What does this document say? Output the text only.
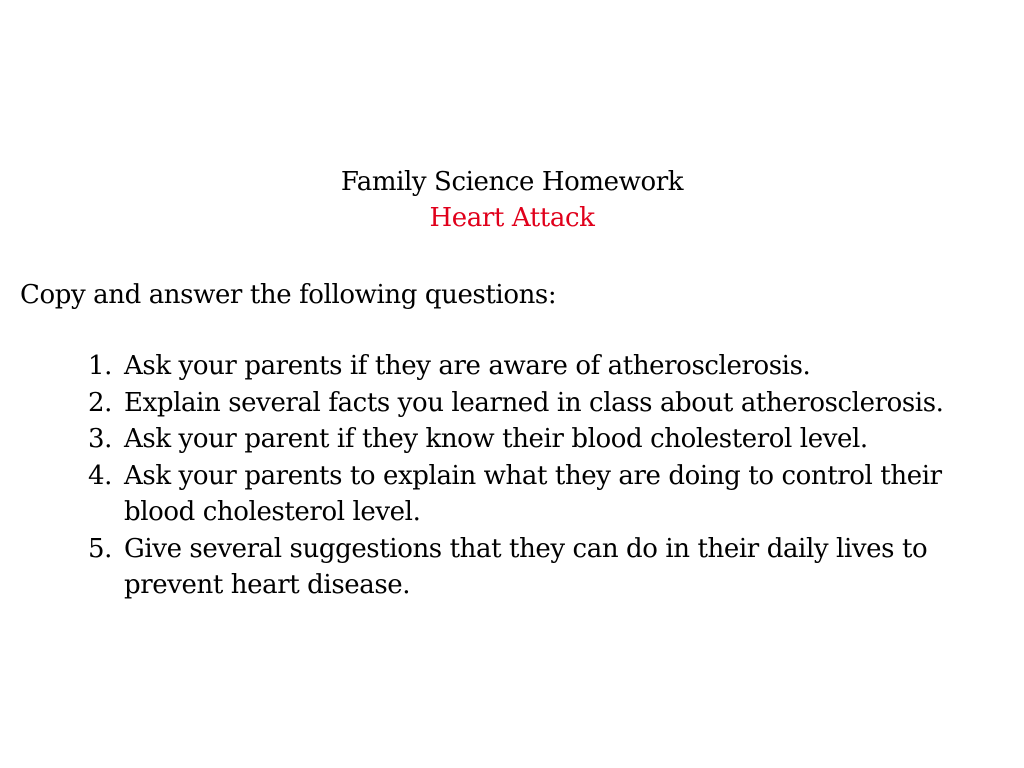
Family Science Homework
Heart Attack
Copy and answer the following questions:
1. Ask your parents if they are aware of atherosclerosis.
2. Explain several facts you learned in class about atherosclerosis.
3. Ask your parent if they know their blood cholesterol level.
4. Ask your parents to explain what they are doing to control their
blood cholesterol level.
5. Give several suggestions that they can do in their daily lives to
prevent heart disease.
